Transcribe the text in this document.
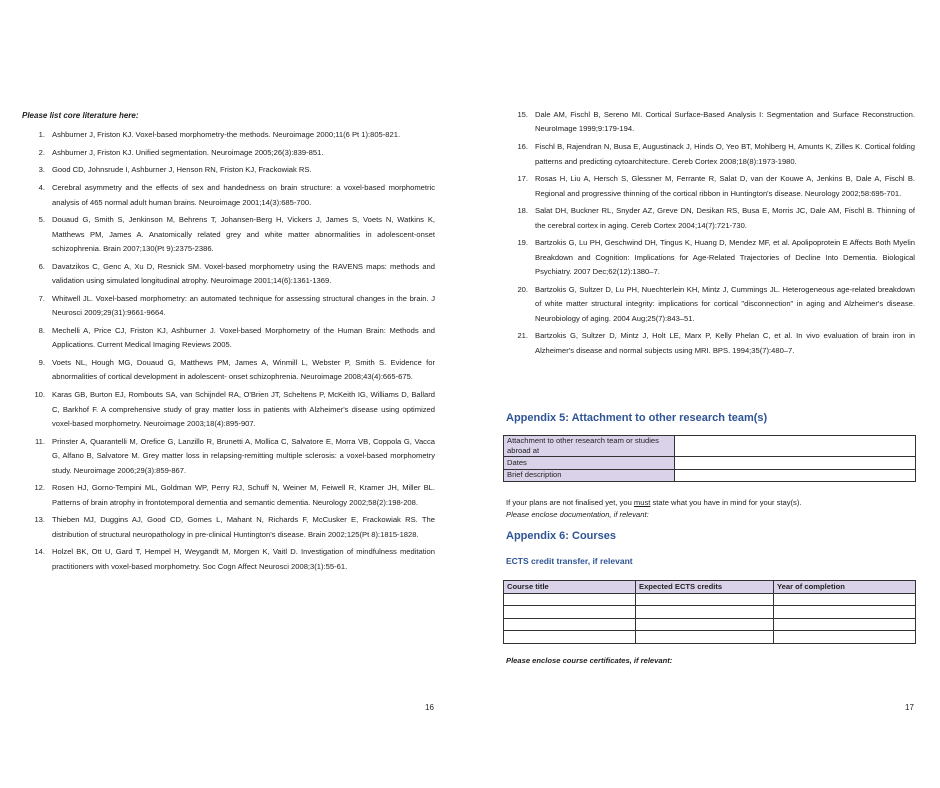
Please list core literature here:
1. Ashburner J, Friston KJ. Voxel-based morphometry-the methods. Neuroimage 2000;11(6 Pt 1):805-821.
2. Ashburner J, Friston KJ. Unified segmentation. Neuroimage 2005;26(3):839-851.
3. Good CD, Johnsrude I, Ashburner J, Henson RN, Friston KJ, Frackowiak RS.
4. Cerebral asymmetry and the effects of sex and handedness on brain structure: a voxel-based morphometric analysis of 465 normal adult human brains. Neuroimage 2001;14(3):685-700.
5. Douaud G, Smith S, Jenkinson M, Behrens T, Johansen-Berg H, Vickers J, James S, Voets N, Watkins K, Matthews PM, James A. Anatomically related grey and white matter abnormalities in adolescent-onset schizophrenia. Brain 2007;130(Pt 9):2375-2386.
6. Davatzikos C, Genc A, Xu D, Resnick SM. Voxel-based morphometry using the RAVENS maps: methods and validation using simulated longitudinal atrophy. Neuroimage 2001;14(6):1361-1369.
7. Whitwell JL. Voxel-based morphometry: an automated technique for assessing structural changes in the brain. J Neurosci 2009;29(31):9661-9664.
8. Mechelli A, Price CJ, Friston KJ, Ashburner J. Voxel-based Morphometry of the Human Brain: Methods and Applications. Current Medical Imaging Reviews 2005.
9. Voets NL, Hough MG, Douaud G, Matthews PM, James A, Winmill L, Webster P, Smith S. Evidence for abnormalities of cortical development in adolescent- onset schizophrenia. Neuroimage 2008;43(4):665-675.
10. Karas GB, Burton EJ, Rombouts SA, van Schijndel RA, O'Brien JT, Scheltens P, McKeith IG, Williams D, Ballard C, Barkhof F. A comprehensive study of gray matter loss in patients with Alzheimer's disease using optimized voxel-based morphometry. Neuroimage 2003;18(4):895-907.
11. Prinster A, Quarantelli M, Orefice G, Lanzillo R, Brunetti A, Mollica C, Salvatore E, Morra VB, Coppola G, Vacca G, Alfano B, Salvatore M. Grey matter loss in relapsing-remitting multiple sclerosis: a voxel-based morphometry study. Neuroimage 2006;29(3):859-867.
12. Rosen HJ, Gorno-Tempini ML, Goldman WP, Perry RJ, Schuff N, Weiner M, Feiwell R, Kramer JH, Miller BL. Patterns of brain atrophy in frontotemporal dementia and semantic dementia. Neurology 2002;58(2):198-208.
13. Thieben MJ, Duggins AJ, Good CD, Gomes L, Mahant N, Richards F, McCusker E, Frackowiak RS. The distribution of structural neuropathology in pre-clinical Huntington's disease. Brain 2002;125(Pt 8):1815-1828.
14. Holzel BK, Ott U, Gard T, Hempel H, Weygandt M, Morgen K, Vaitl D. Investigation of mindfulness meditation practitioners with voxel-based morphometry. Soc Cogn Affect Neurosci 2008;3(1):55-61.
16
15. Dale AM, Fischl B, Sereno MI. Cortical Surface-Based Analysis I: Segmentation and Surface Reconstruction. NeuroImage 1999;9:179-194.
16. Fischl B, Rajendran N, Busa E, Augustinack J, Hinds O, Yeo BT, Mohlberg H, Amunts K, Zilles K. Cortical folding patterns and predicting cytoarchitecture. Cereb Cortex 2008;18(8):1973-1980.
17. Rosas H, Liu A, Hersch S, Glessner M, Ferrante R, Salat D, van der Kouwe A, Jenkins B, Dale A, Fischl B. Regional and progressive thinning of the cortical ribbon in Huntington's disease. Neurology 2002;58:695-701.
18. Salat DH, Buckner RL, Snyder AZ, Greve DN, Desikan RS, Busa E, Morris JC, Dale AM, Fischl B. Thinning of the cerebral cortex in aging. Cereb Cortex 2004;14(7):721-730.
19. Bartzokis G, Lu PH, Geschwind DH, Tingus K, Huang D, Mendez MF, et al. Apolipoprotein E Affects Both Myelin Breakdown and Cognition: Implications for Age-Related Trajectories of Decline Into Dementia. Biological Psychiatry. 2007 Dec;62(12):1380–7.
20. Bartzokis G, Sultzer D, Lu PH, Nuechterlein KH, Mintz J, Cummings JL. Heterogeneous age-related breakdown of white matter structural integrity: implications for cortical "disconnection" in aging and Alzheimer's disease. Neurobiology of aging. 2004 Aug;25(7):843–51.
21. Bartzokis G, Sultzer D, Mintz J, Holt LE, Marx P, Kelly Phelan C, et al. In vivo evaluation of brain iron in Alzheimer's disease and normal subjects using MRI. BPS. 1994;35(7):480–7.
Appendix 5: Attachment to other research team(s)
Attachment to other research team or studies abroad at	
Dates	
Brief description	
If your plans are not finalised yet, you must state what you have in mind for your stay(s).
Please enclose documentation, if relevant:
Appendix 6: Courses
ECTS credit transfer, if relevant
Course title	Expected ECTS credits	Year of completion

Please enclose course certificates, if relevant:
17
